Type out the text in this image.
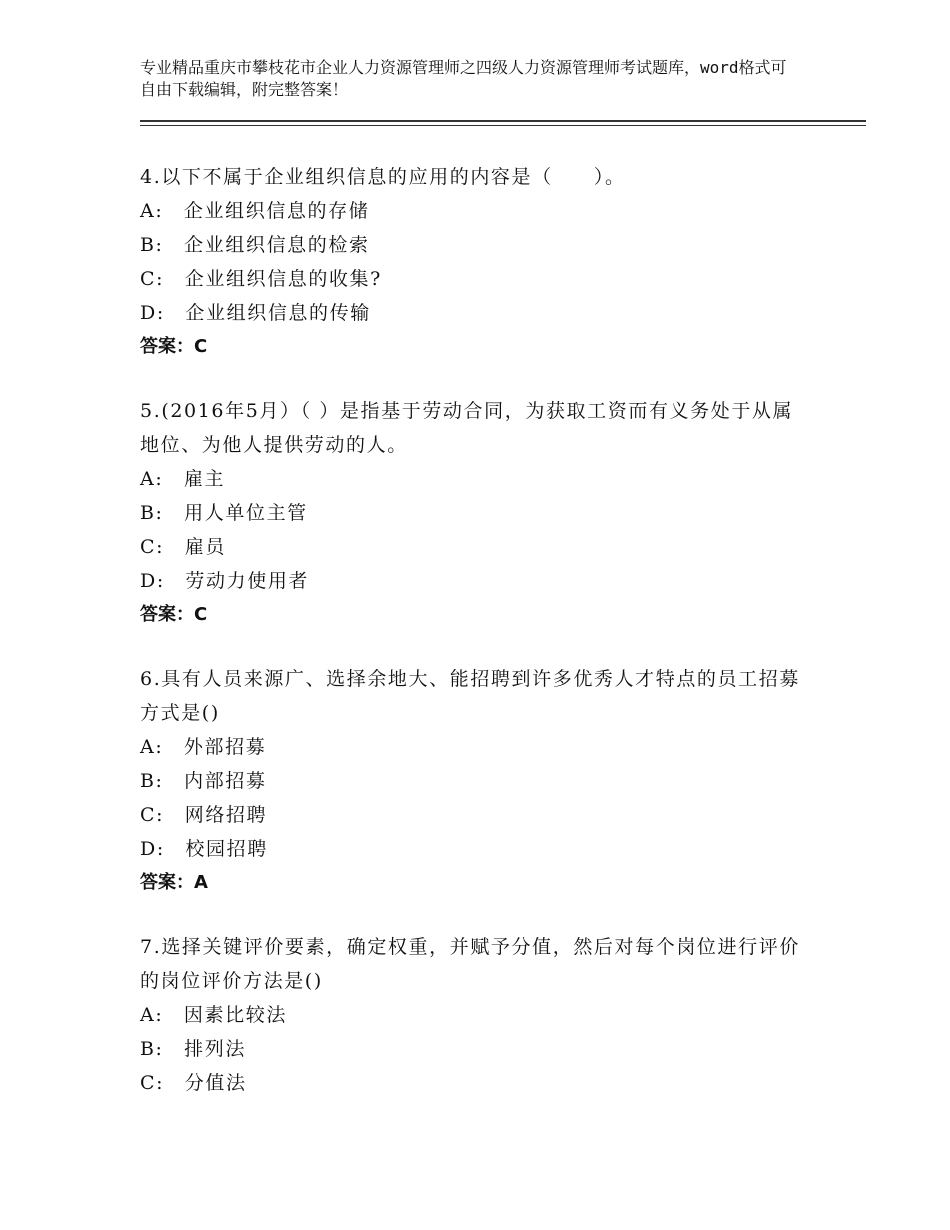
专业精品重庆市攀枝花市企业人力资源管理师之四级人力资源管理师考试题库，word格式可自由下载编辑，附完整答案！
4.以下不属于企业组织信息的应用的内容是（　　）。
A:　企业组织信息的存储
B:　企业组织信息的检索
C:　企业组织信息的收集?
D:　企业组织信息的传输
答案：C
5.(2016年5月）（ ）是指基于劳动合同，为获取工资而有义务处于从属地位、为他人提供劳动的人。
A:　雇主
B:　用人单位主管
C:　雇员
D:　劳动力使用者
答案：C
6.具有人员来源广、选择余地大、能招聘到许多优秀人才特点的员工招募方式是()
A:　外部招募
B:　内部招募
C:　网络招聘
D:　校园招聘
答案：A
7.选择关键评价要素，确定权重，并赋予分值，然后对每个岗位进行评价的岗位评价方法是()
A:　因素比较法
B:　排列法
C:　分值法
